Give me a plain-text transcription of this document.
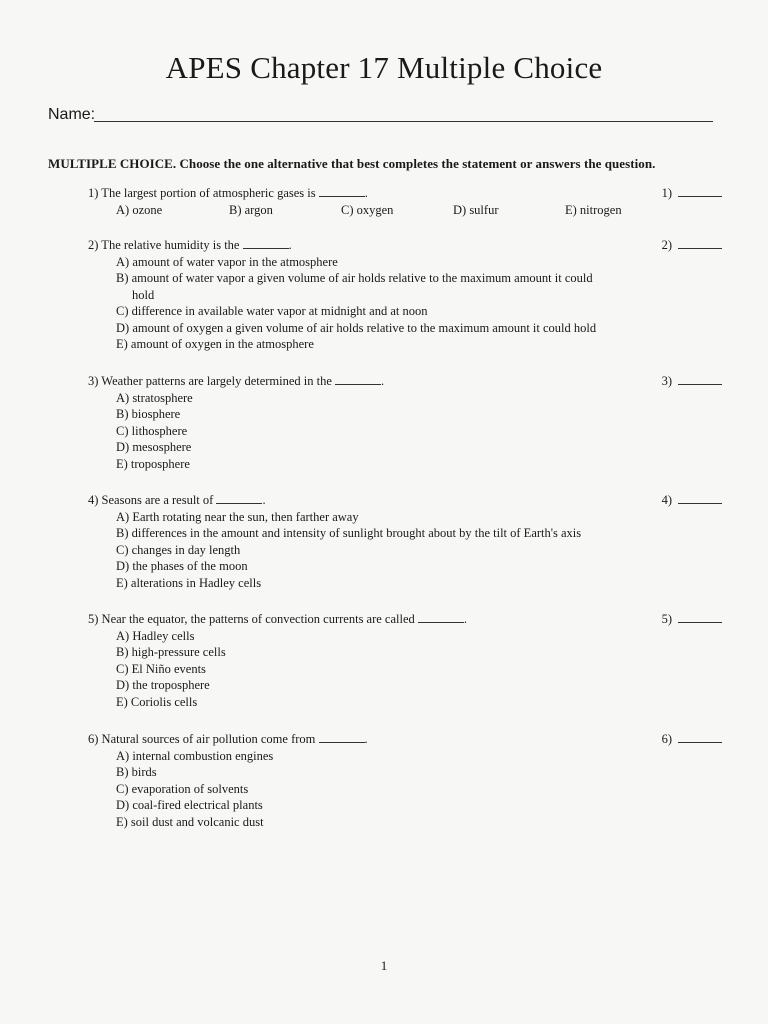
APES Chapter 17 Multiple Choice
Name:
MULTIPLE CHOICE. Choose the one alternative that best completes the statement or answers the question.
1) The largest portion of atmospheric gases is	.
A) ozone	B) argon	C) oxygen	D) sulfur	E) nitrogen
1)
2) The relative humidity is the	.
A) amount of water vapor in the atmosphere
B) amount of water vapor a given volume of air holds relative to the maximum amount it could
hold
C) difference in available water vapor at midnight and at noon
D) amount of oxygen a given volume of air holds relative to the maximum amount it could hold
E) amount of oxygen in the atmosphere
2)
3) Weather patterns are largely determined in the	.
A) stratosphere
B) biosphere
C) lithosphere
D) mesosphere
E) troposphere
3)
4) Seasons are a result of	.
A) Earth rotating near the sun, then farther away
B) differences in the amount and intensity of sunlight brought about by the tilt of Earth's axis
C) changes in day length
D) the phases of the moon
E) alterations in Hadley cells
4)
5) Near the equator, the patterns of convection currents are called	.
A) Hadley cells
B) high-pressure cells
C) El Niño events
D) the troposphere
E) Coriolis cells
5)
6) Natural sources of air pollution come from	.
A) internal combustion engines
B) birds
C) evaporation of solvents
D) coal-fired electrical plants
E) soil dust and volcanic dust
6)
1
